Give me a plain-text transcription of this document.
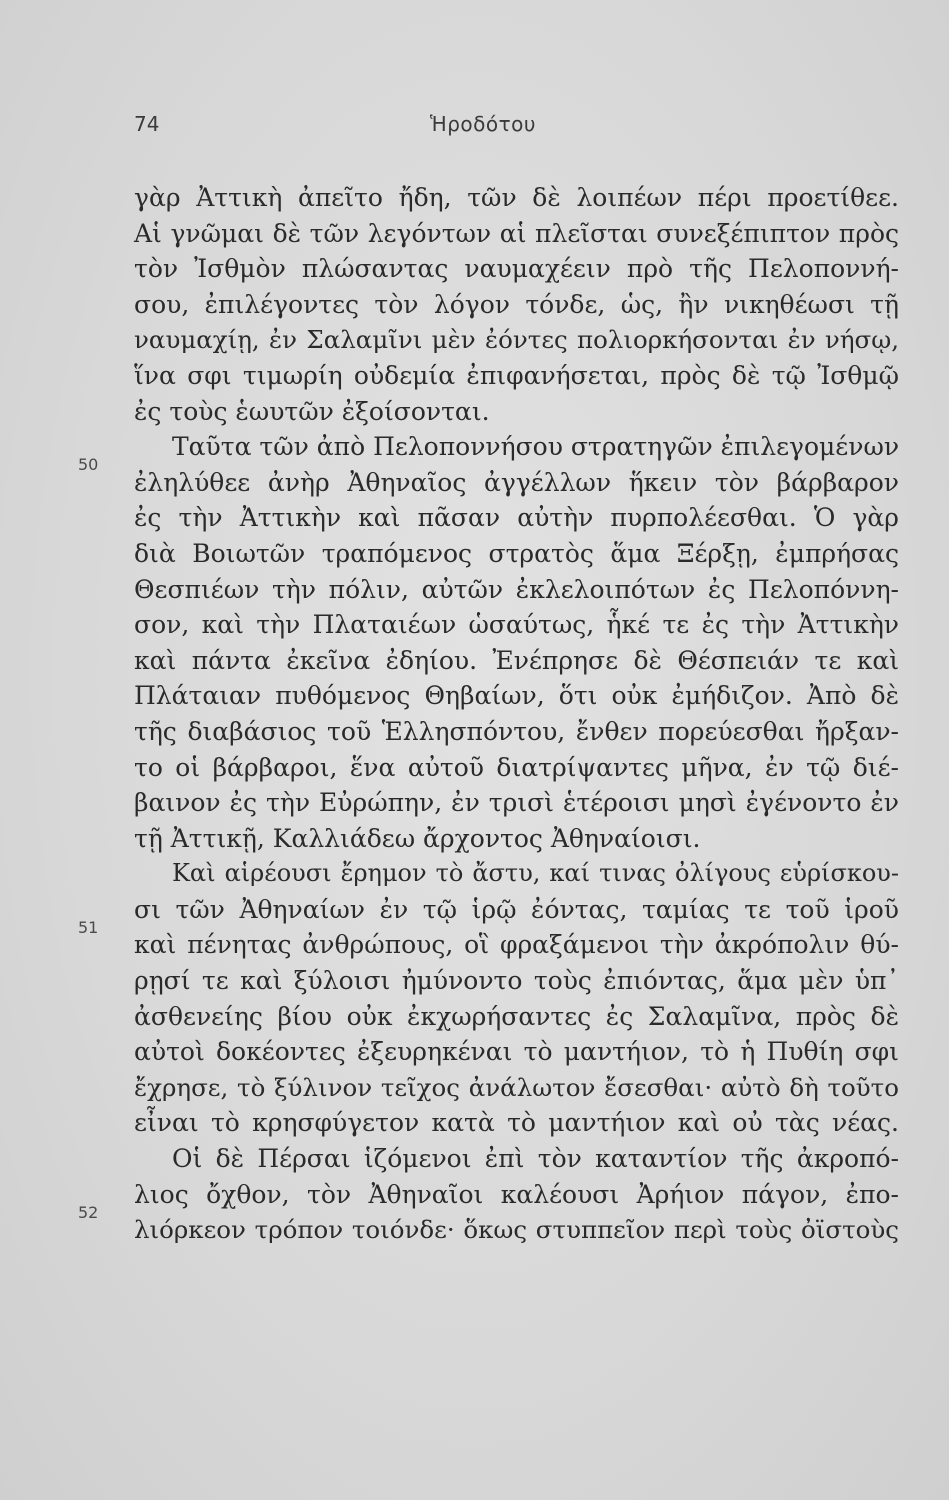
74	Ἡροδότου
50
51
52
γὰρ Ἀττικὴ ἀπεῖτο ἤδη, τῶν δὲ λοιπέων πέρι προετίθεε.
Αἱ γνῶμαι δὲ τῶν λεγόντων αἱ πλεῖσται συνεξέπιπτον πρὸς
τὸν Ἰσθμὸν πλώσαντας ναυμαχέειν πρὸ τῆς Πελοποννή-
σου, ἐπιλέγοντες τὸν λόγον τόνδε, ὡς, ἢν νικηθέωσι τῇ
ναυμαχίῃ, ἐν Σαλαμῖνι μὲν ἐόντες πολιορκήσονται ἐν νήσῳ,
ἵνα σφι τιμωρίη οὐδεμία ἐπιφανήσεται, πρὸς δὲ τῷ Ἰσθμῷ
ἐς τοὺς ἑωυτῶν ἐξοίσονται.
Ταῦτα τῶν ἀπὸ Πελοποννήσου στρατηγῶν ἐπιλεγομένων
ἐληλύθεε ἀνὴρ Ἀθηναῖος ἀγγέλλων ἥκειν τὸν βάρβαρον
ἐς τὴν Ἀττικὴν καὶ πᾶσαν αὐτὴν πυρπολέεσθαι. Ὁ γὰρ
διὰ Βοιωτῶν τραπόμενος στρατὸς ἅμα Ξέρξῃ, ἐμπρήσας
Θεσπιέων τὴν πόλιν, αὐτῶν ἐκλελοιπότων ἐς Πελοπόννη-
σον, καὶ τὴν Πλαταιέων ὡσαύτως, ἧκέ τε ἐς τὴν Ἀττικὴν
καὶ πάντα ἐκεῖνα ἐδηίου. Ἐνέπρησε δὲ Θέσπειάν τε καὶ
Πλάταιαν πυθόμενος Θηβαίων, ὅτι οὐκ ἐμήδιζον. Ἀπὸ δὲ
τῆς διαβάσιος τοῦ Ἑλλησπόντου, ἔνθεν πορεύεσθαι ἤρξαν-
το οἱ βάρβαροι, ἕνα αὐτοῦ διατρίψαντες μῆνα, ἐν τῷ διέ-
βαινον ἐς τὴν Εὐρώπην, ἐν τρισὶ ἑτέροισι μησὶ ἐγένοντο ἐν
τῇ Ἀττικῇ, Καλλιάδεω ἄρχοντος Ἀθηναίοισι.
Καὶ αἱρέουσι ἔρημον τὸ ἄστυ, καί τινας ὀλίγους εὑρίσκου-
σι τῶν Ἀθηναίων ἐν τῷ ἱρῷ ἐόντας, ταμίας τε τοῦ ἱροῦ
καὶ πένητας ἀνθρώπους, οἳ φραξάμενοι τὴν ἀκρόπολιν θύ-
ρῃσί τε καὶ ξύλοισι ἠμύνοντο τοὺς ἐπιόντας, ἅμα μὲν ὑπ᾽
ἀσθενείης βίου οὐκ ἐκχωρήσαντες ἐς Σαλαμῖνα, πρὸς δὲ
αὐτοὶ δοκέοντες ἐξευρηκέναι τὸ μαντήιον, τὸ ἡ Πυθίη σφι
ἔχρησε, τὸ ξύλινον τεῖχος ἀνάλωτον ἔσεσθαι· αὐτὸ δὴ τοῦτο
εἶναι τὸ κρησφύγετον κατὰ τὸ μαντήιον καὶ οὐ τὰς νέας.
Οἱ δὲ Πέρσαι ἱζόμενοι ἐπὶ τὸν καταντίον τῆς ἀκροπό-
λιος ὄχθον, τὸν Ἀθηναῖοι καλέουσι Ἀρήιον πάγον, ἐπο-
λιόρκεον τρόπον τοιόνδε· ὅκως στυππεῖον περὶ τοὺς ὀϊστοὺς
